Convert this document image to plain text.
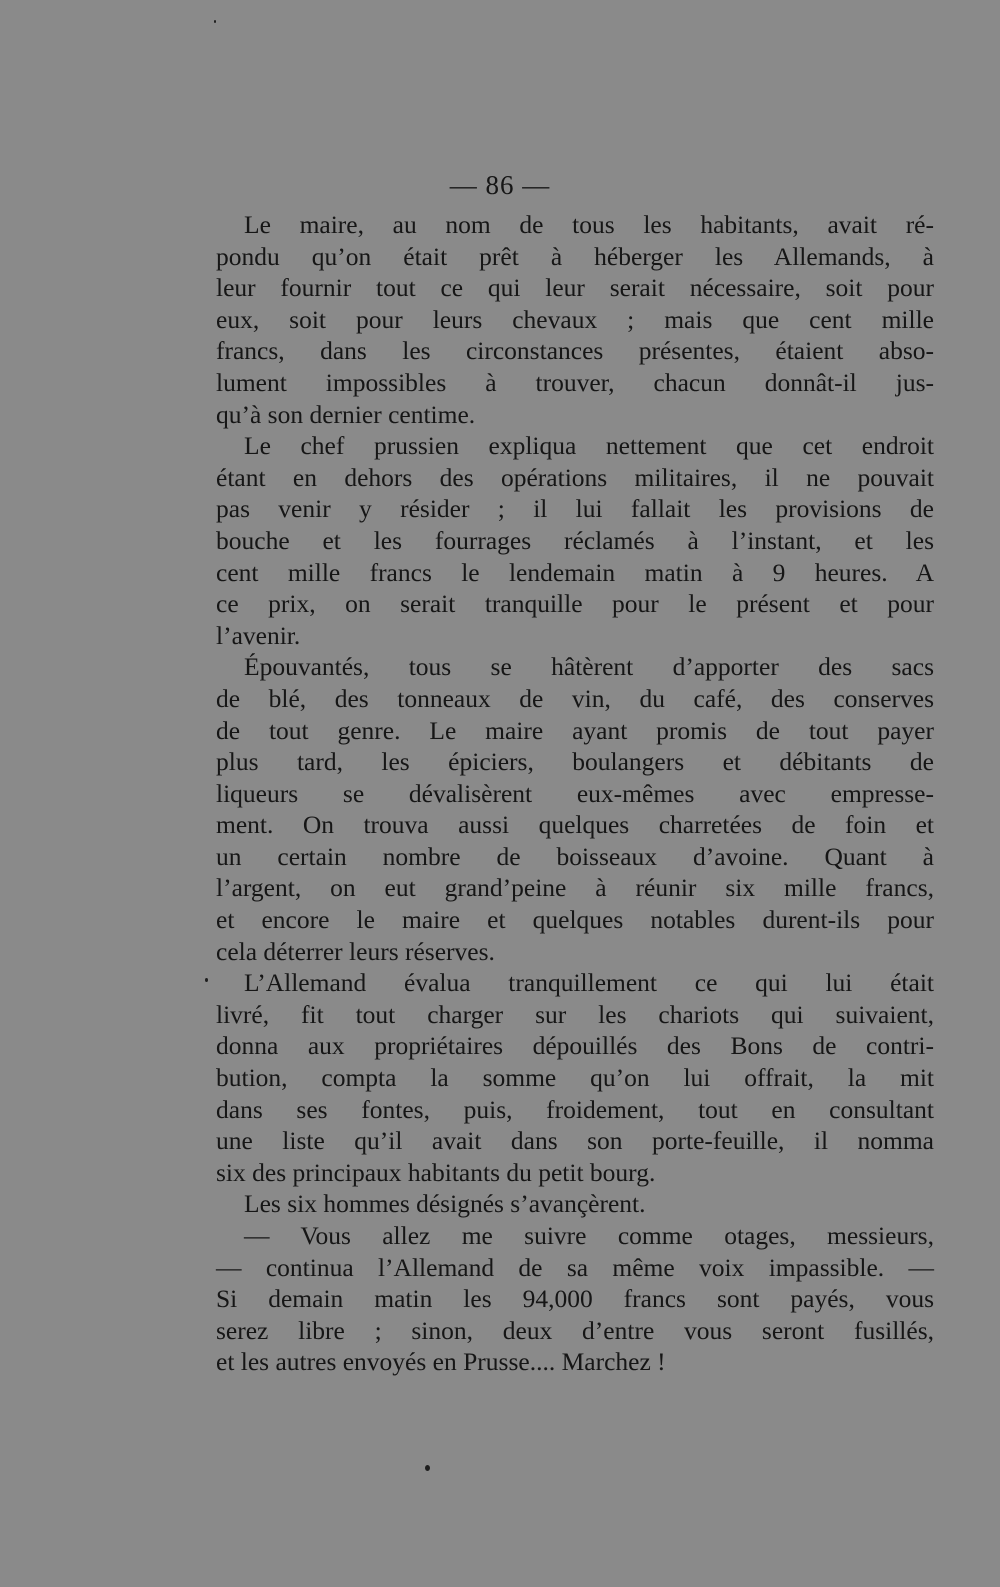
— 86 —
Le maire, au nom de tous les habitants, avait ré-
pondu qu’on était prêt à héberger les Allemands, à
leur fournir tout ce qui leur serait nécessaire, soit pour
eux, soit pour leurs chevaux ; mais que cent mille
francs, dans les circonstances présentes, étaient abso-
lument impossibles à trouver, chacun donnât-il jus-
qu’à son dernier centime.
Le chef prussien expliqua nettement que cet endroit
étant en dehors des opérations militaires, il ne pouvait
pas venir y résider ; il lui fallait les provisions de
bouche et les fourrages réclamés à l’instant, et les
cent mille francs le lendemain matin à 9 heures. A
ce prix, on serait tranquille pour le présent et pour
l’avenir.
Épouvantés, tous se hâtèrent d’apporter des sacs
de blé, des tonneaux de vin, du café, des conserves
de tout genre. Le maire ayant promis de tout payer
plus tard, les épiciers, boulangers et débitants de
liqueurs se dévalisèrent eux-mêmes avec empresse-
ment. On trouva aussi quelques charretées de foin et
un certain nombre de boisseaux d’avoine. Quant à
l’argent, on eut grand’peine à réunir six mille francs,
et encore le maire et quelques notables durent-ils pour
cela déterrer leurs réserves.
L’Allemand évalua tranquillement ce qui lui était
livré, fit tout charger sur les chariots qui suivaient,
donna aux propriétaires dépouillés des Bons de contri-
bution, compta la somme qu’on lui offrait, la mit
dans ses fontes, puis, froidement, tout en consultant
une liste qu’il avait dans son porte-feuille, il nomma
six des principaux habitants du petit bourg.
Les six hommes désignés s’avançèrent.
— Vous allez me suivre comme otages, messieurs,
— continua l’Allemand de sa même voix impassible. —
Si demain matin les 94,000 francs sont payés, vous
serez libre ; sinon, deux d’entre vous seront fusillés,
et les autres envoyés en Prusse.... Marchez !
